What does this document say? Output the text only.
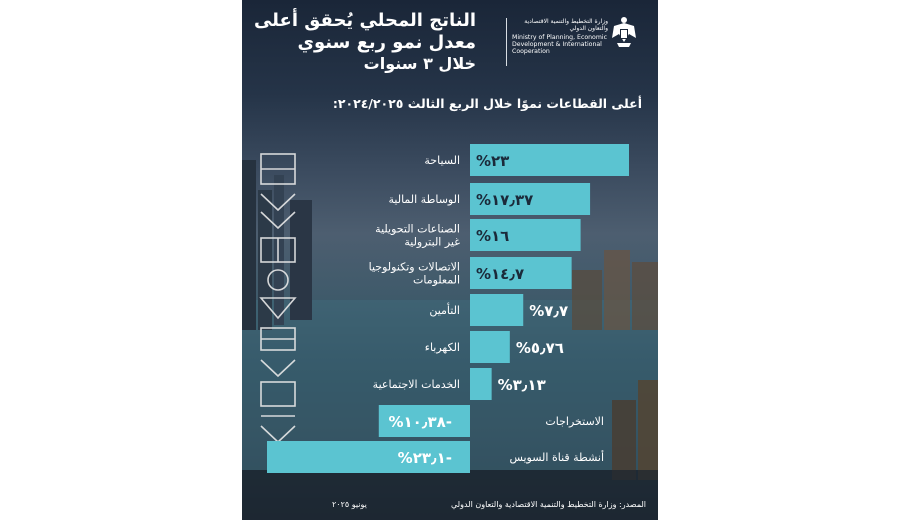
%٢٣
السياحة
%١٧٫٣٧
الوساطة المالية
%١٦
الصناعات التحويلية
غير البترولية
%١٤٫٧
الاتصالات وتكنولوجيا
المعلومات
%٧٫٧
التأمين
%٥٫٧٦
الكهرباء
%٣٫١٣
الخدمات الاجتماعية
%١٠٫٣٨-	الاستخراجات
%٢٣٫١-	أنشطة قناة السويس
الناتج المحلي يُحقق أعلى
معدل نمو ربع سنوي
خلال ٣ سنوات
وزارة التخطيط والتنمية الاقتصادية والتعاون الدولي
Ministry of Planning, Economic Development & International Cooperation
أعلى القطاعات نموًا خلال الربع الثالث ٢٠٢٤/٢٠٢٥:
المصدر: وزارة التخطيط والتنمية الاقتصادية والتعاون الدولي
يونيو ٢٠٢٥
